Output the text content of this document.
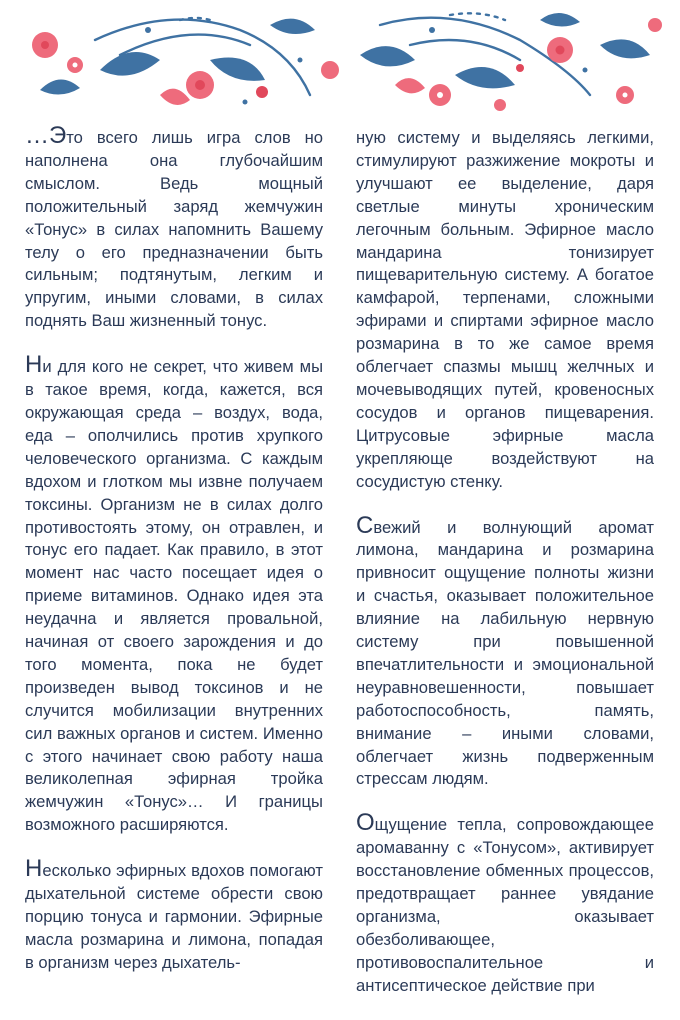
…Это всего лишь игра слов но наполнена она глубочайшим смыслом. Ведь мощный положительный заряд жемчужин «Тонус» в силах напомнить Вашему телу о его предназначении быть сильным; подтянутым, легким и упругим, иными словами, в силах поднять Ваш жизненный тонус.

Ни для кого не секрет, что живем мы в такое время, когда, кажется, вся окружающая среда – воздух, вода, еда – ополчились против хрупкого человеческого организма. С каждым вдохом и глотком мы извне получаем токсины. Организм не в силах долго противостоять этому, он отравлен, и тонус его падает. Как правило, в этот момент нас часто посещает идея о приеме витаминов. Однако идея эта неудачна и является провальной, начиная от своего зарождения и до того момента, пока не будет произведен вывод токсинов и не случится мобилизации внутренних сил важных органов и систем. Именно с этого начинает свою работу наша великолепная эфирная тройка жемчужин «Тонус»… И границы возможного расширяются.

Несколько эфирных вдохов помогают дыхательной системе обрести свою порцию тонуса и гармонии. Эфирные масла розмарина и лимона, попадая в организм через дыхатель-

ную систему и выделяясь легкими, стимулируют разжижение мокроты и улучшают ее выделение, даря светлые минуты хроническим легочным больным. Эфирное масло мандарина тонизирует пищеварительную систему. А богатое камфарой, терпенами, сложными эфирами и спиртами эфирное масло розмарина в то же самое время облегчает спазмы мышц желчных и мочевыводящих путей, кровеносных сосудов и органов пищеварения. Цитрусовые эфирные масла укрепляюще воздействуют на сосудистую стенку.

Свежий и волнующий аромат лимона, мандарина и розмарина привносит ощущение полноты жизни и счастья, оказывает положительное влияние на лабильную нервную систему при повышенной впечатлительности и эмоциональной неуравновешенности, повышает работоспособность, память, внимание – иными словами, облегчает жизнь подверженным стрессам людям.

Ощущение тепла, сопровождающее аромаванну с «Тонусом», активирует восстановление обменных процессов, предотвращает раннее увядание организма, оказывает обезболивающее, противовоспалительное и антисептическое действие при
